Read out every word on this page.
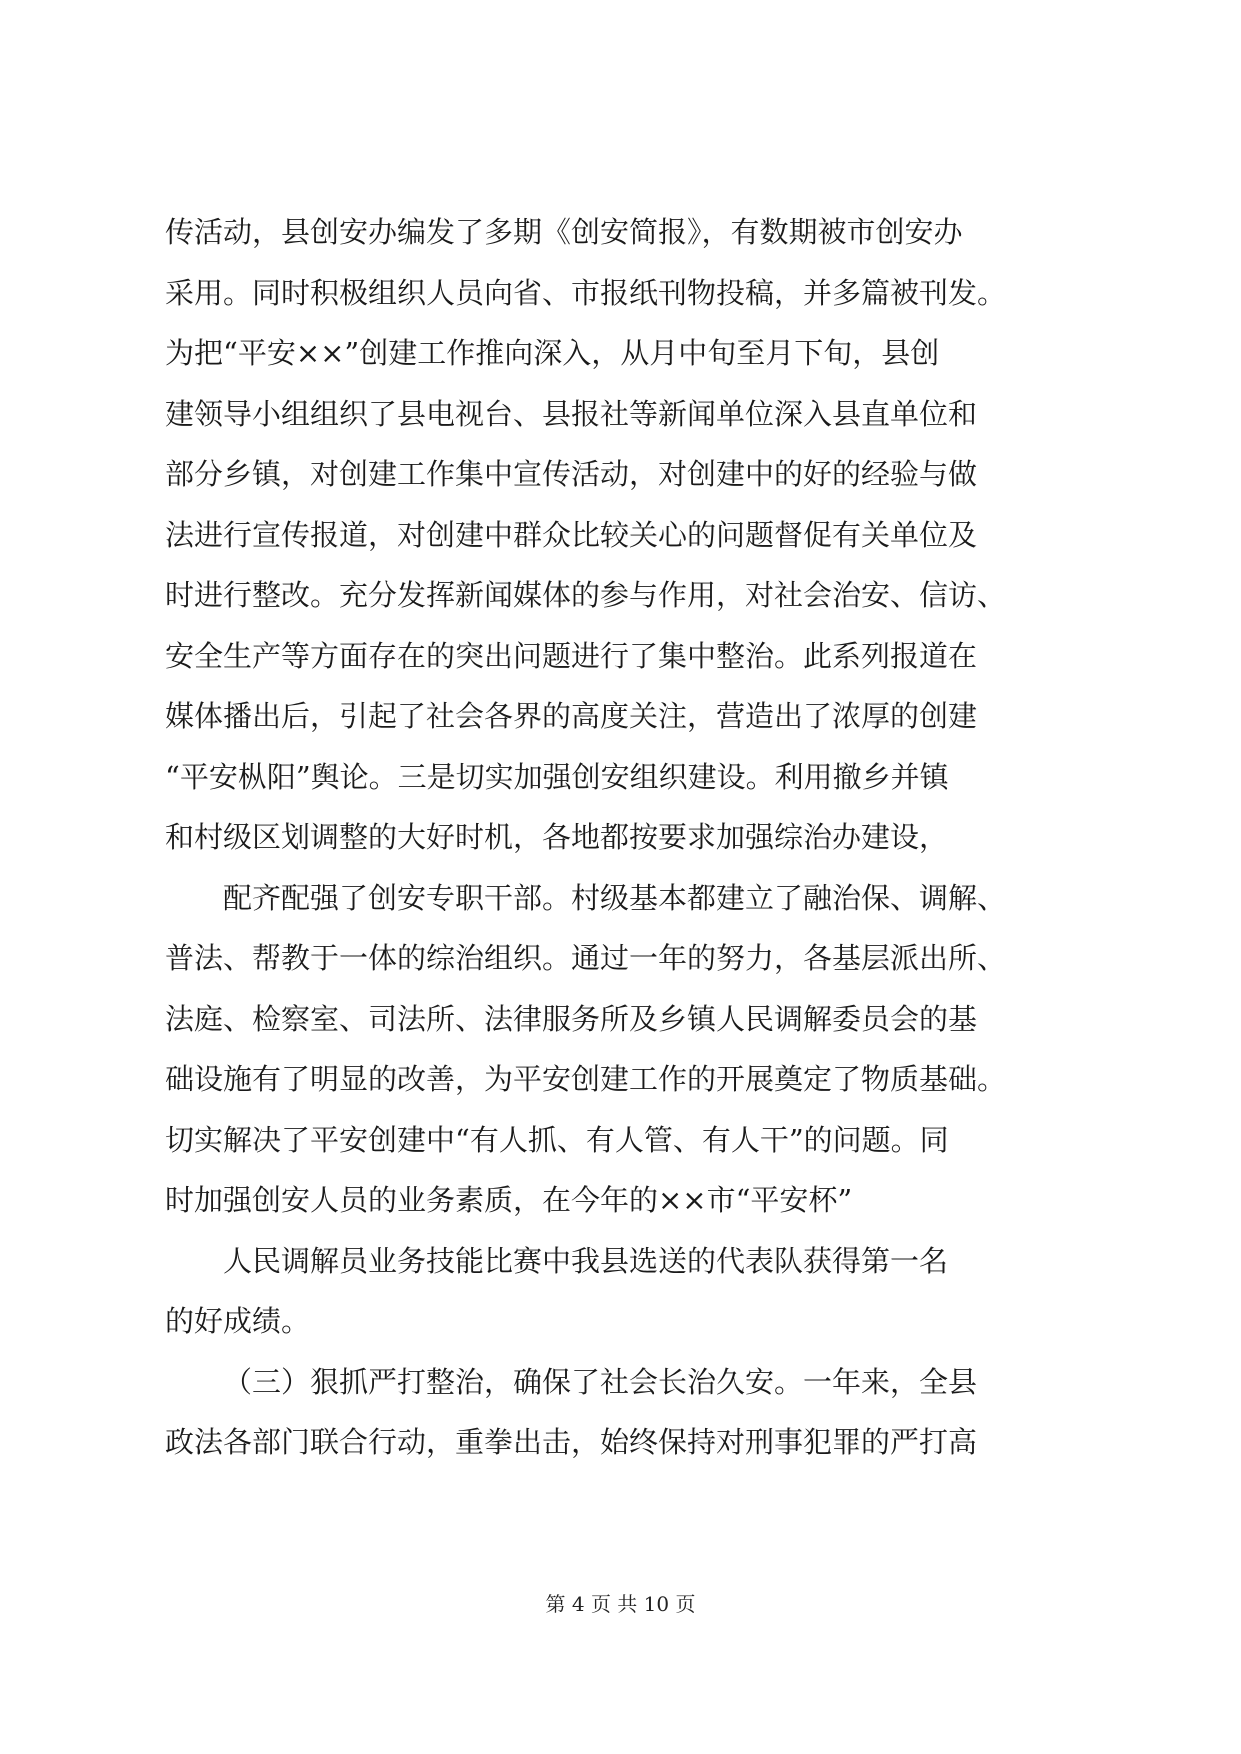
传活动，县创安办编发了多期《创安简报》，有数期被市创安办
采用。同时积极组织人员向省、市报纸刊物投稿，并多篇被刊发。
为把“平安××”创建工作推向深入，从月中旬至月下旬，县创
建领导小组组织了县电视台、县报社等新闻单位深入县直单位和
部分乡镇，对创建工作集中宣传活动，对创建中的好的经验与做
法进行宣传报道，对创建中群众比较关心的问题督促有关单位及
时进行整改。充分发挥新闻媒体的参与作用，对社会治安、信访、
安全生产等方面存在的突出问题进行了集中整治。此系列报道在
媒体播出后，引起了社会各界的高度关注，营造出了浓厚的创建
“平安枞阳”舆论。三是切实加强创安组织建设。利用撤乡并镇
和村级区划调整的大好时机，各地都按要求加强综治办建设，
配齐配强了创安专职干部。村级基本都建立了融治保、调解、
普法、帮教于一体的综治组织。通过一年的努力，各基层派出所、
法庭、检察室、司法所、法律服务所及乡镇人民调解委员会的基
础设施有了明显的改善，为平安创建工作的开展奠定了物质基础。
切实解决了平安创建中“有人抓、有人管、有人干”的问题。同
时加强创安人员的业务素质，在今年的××市“平安杯”
人民调解员业务技能比赛中我县选送的代表队获得第一名
的好成绩。
（三）狠抓严打整治，确保了社会长治久安。一年来，全县
政法各部门联合行动，重拳出击，始终保持对刑事犯罪的严打高
第 4 页 共 10 页
